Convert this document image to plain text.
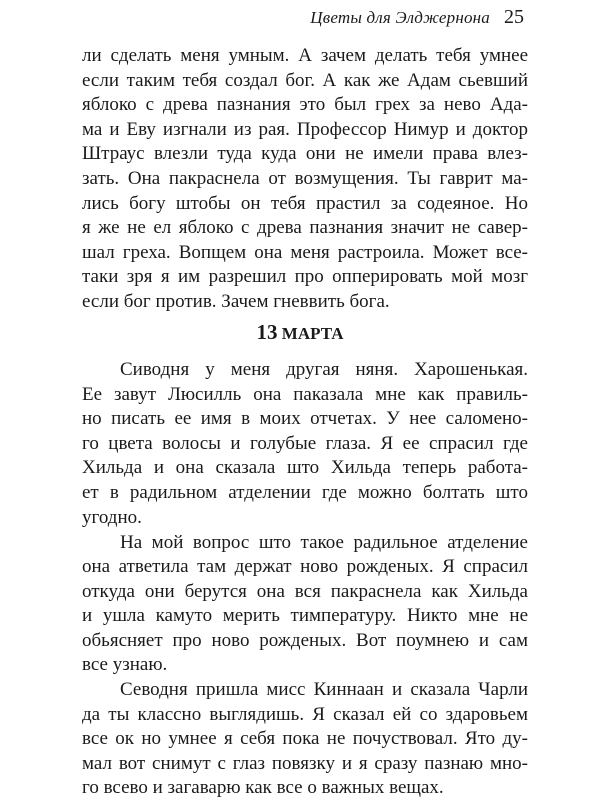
Цветы для Элджернона 25
ли сделать меня умным. А зачем делать тебя умнее
если таким тебя создал бог. А как же Адам сьевший
яблоко с древа пазнания это был грех за нево Ада-
ма и Еву изгнали из рая. Профессор Нимур и доктор
Штраус влезли туда куда они не имели права влез-
зать. Она пакраснела от возмущения. Ты гаврит ма-
лись богу штобы он тебя прастил за содеяное. Но
я же не ел яблоко с древа пазнания значит не савер-
шал греха. Вопщем она меня растроила. Может все-
таки зря я им разрешил про опперировать мой мозг
если бог против. Зачем гневвить бога.
13 МАРТА
Сиводня у меня другая няня. Харошенькая.
Ее завут Люсилль она паказала мне как правиль-
но писать ее имя в моих отчетах. У нее саломено-
го цвета волосы и голубые глаза. Я ее спрасил где
Хильда и она сказала што Хильда теперь работа-
ет в радильном атделении где можно болтать што
угодно.
На мой вопрос што такое радильное атделение
она атветила там держат ново рожденых. Я спрасил
откуда они берутся она вся пакраснела как Хильда
и ушла камуто мерить тимпературу. Никто мне не
обьясняет про ново рожденых. Вот поумнею и сам
все узнаю.
Севодня пришла мисс Киннаан и сказала Чарли
да ты классно выглядишь. Я сказал ей со здаровьем
все ок но умнее я себя пока не почуствовал. Ято ду-
мал вот снимут с глаз повязку и я сразу пазнаю мно-
го всево и загаварю как все о важных вещах.
